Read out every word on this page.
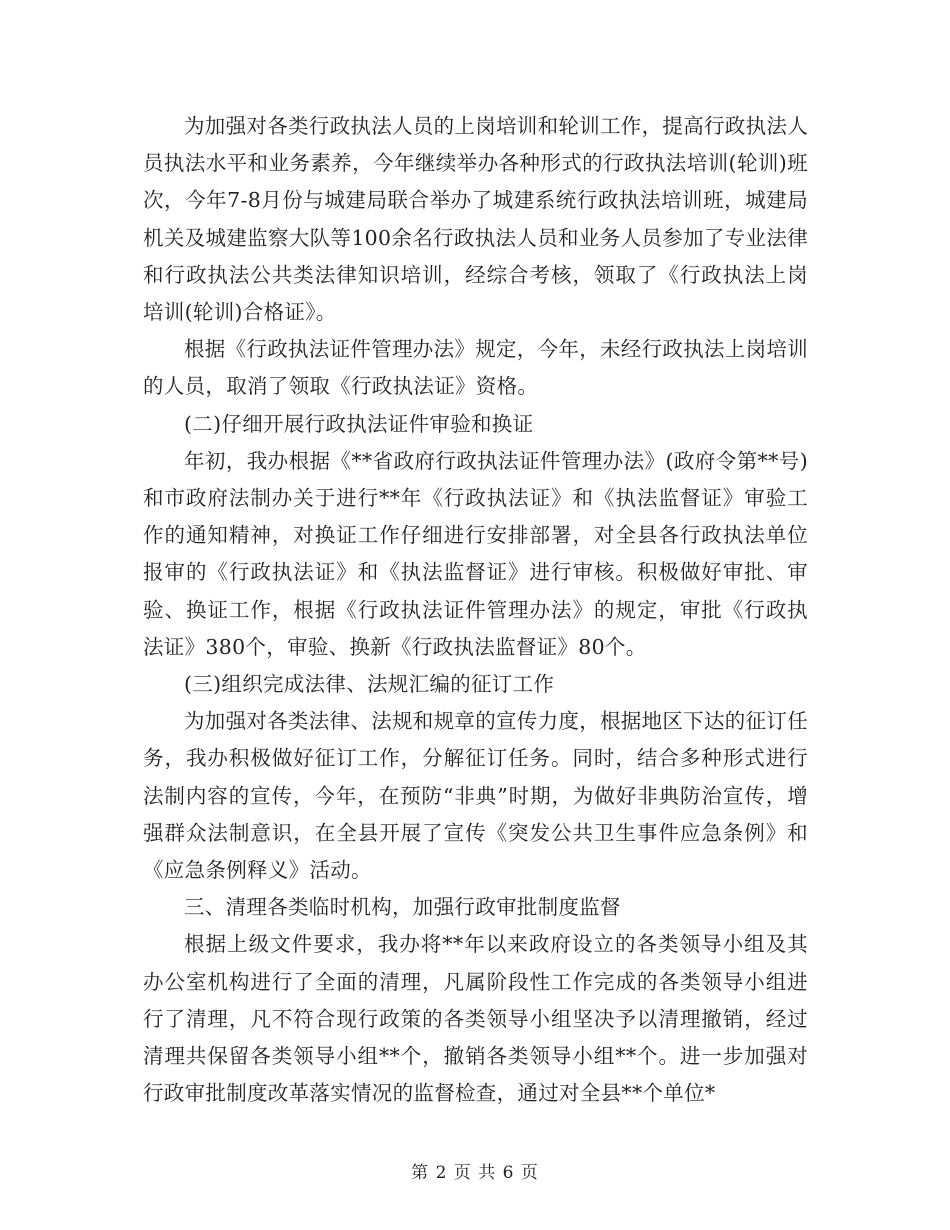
为加强对各类行政执法人员的上岗培训和轮训工作，提高行政执法人员执法水平和业务素养，今年继续举办各种形式的行政执法培训(轮训)班次，今年7-8月份与城建局联合举办了城建系统行政执法培训班，城建局机关及城建监察大队等100余名行政执法人员和业务人员参加了专业法律和行政执法公共类法律知识培训，经综合考核，领取了《行政执法上岗培训(轮训)合格证》。

根据《行政执法证件管理办法》规定，今年，未经行政执法上岗培训的人员，取消了领取《行政执法证》资格。

(二)仔细开展行政执法证件审验和换证

年初，我办根据《**省政府行政执法证件管理办法》(政府令第**号)和市政府法制办关于进行**年《行政执法证》和《执法监督证》审验工作的通知精神，对换证工作仔细进行安排部署，对全县各行政执法单位报审的《行政执法证》和《执法监督证》进行审核。积极做好审批、审验、换证工作，根据《行政执法证件管理办法》的规定，审批《行政执法证》380个，审验、换新《行政执法监督证》80个。

(三)组织完成法律、法规汇编的征订工作

为加强对各类法律、法规和规章的宣传力度，根据地区下达的征订任务，我办积极做好征订工作，分解征订任务。同时，结合多种形式进行法制内容的宣传，今年，在预防“非典”时期，为做好非典防治宣传，增强群众法制意识，在全县开展了宣传《突发公共卫生事件应急条例》和《应急条例释义》活动。

三、清理各类临时机构，加强行政审批制度监督

根据上级文件要求，我办将**年以来政府设立的各类领导小组及其办公室机构进行了全面的清理，凡属阶段性工作完成的各类领导小组进行了清理，凡不符合现行政策的各类领导小组坚决予以清理撤销，经过清理共保留各类领导小组**个，撤销各类领导小组**个。进一步加强对行政审批制度改革落实情况的监督检查，通过对全县**个单位*

第 2 页 共 6 页
